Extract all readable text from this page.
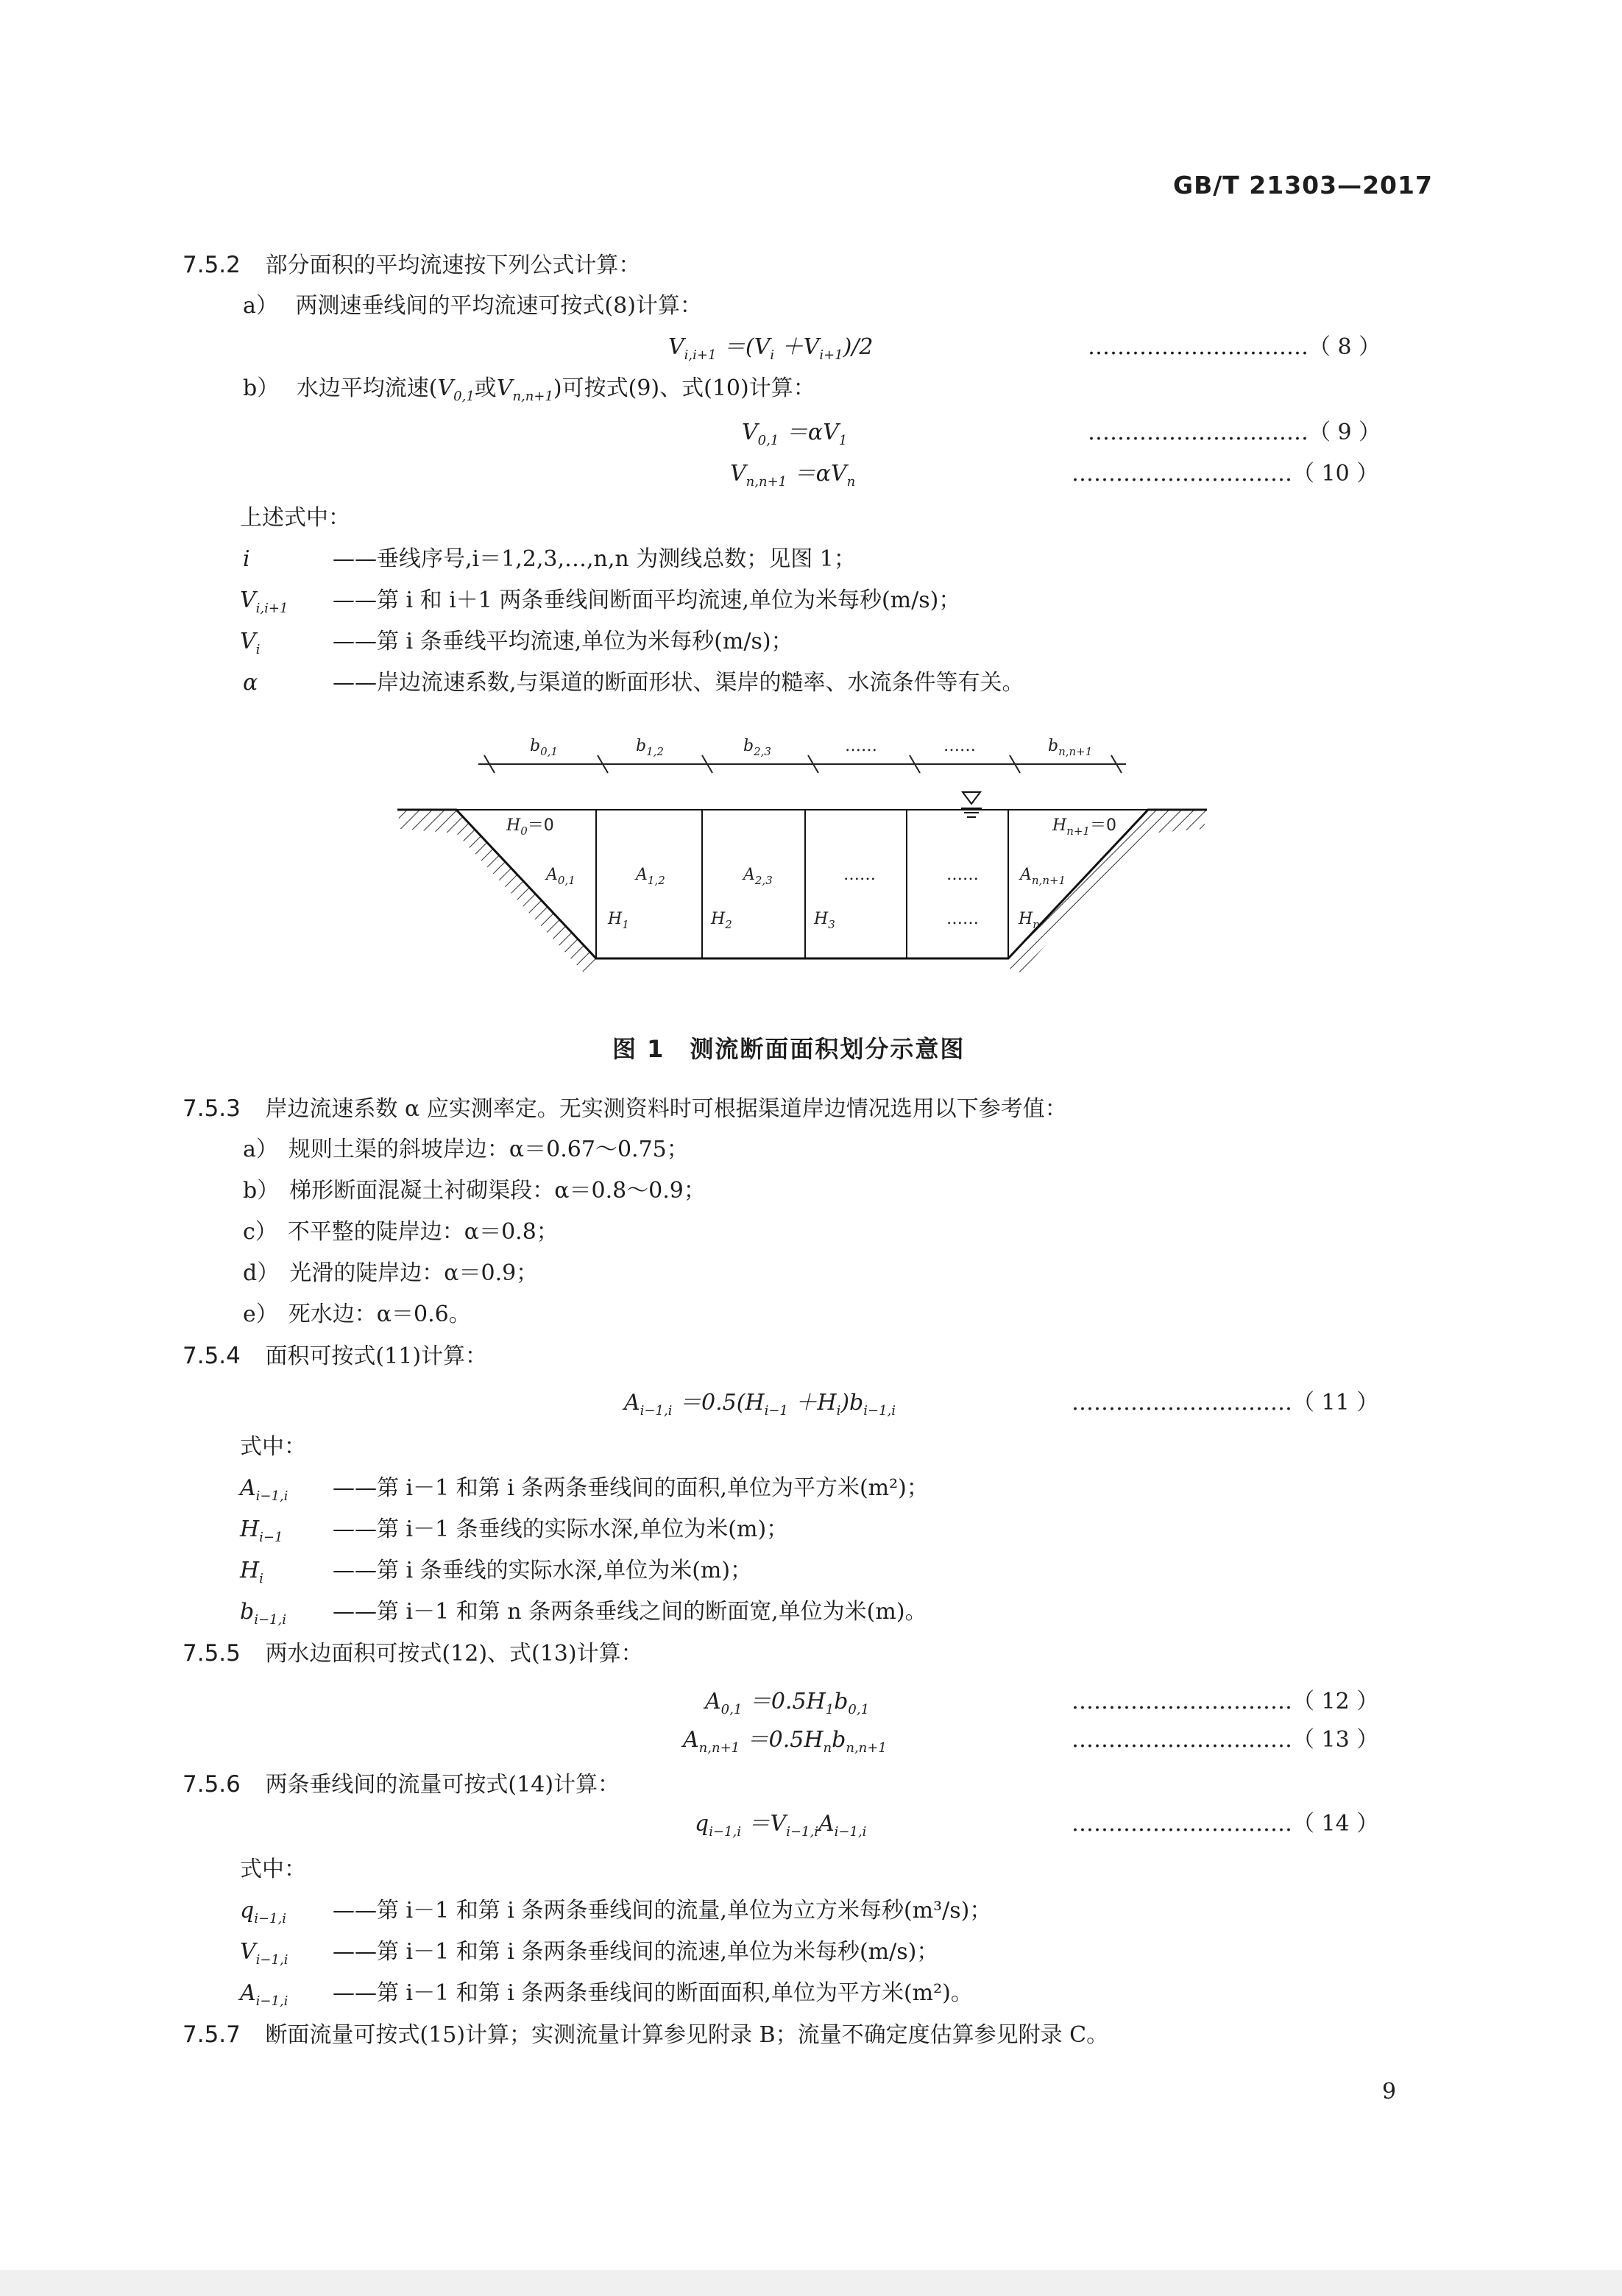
GB/T 21303—2017
7.5.2 部分面积的平均流速按下列公式计算：
a） 两测速垂线间的平均流速可按式(8)计算：
$V_{i,i+1} =(V_i +V_{i+1})/2$	…………………………（ 8 ）
b） 水边平均流速($V_{0,1}$或$V_{n,n+1}$)可按式(9)、式(10)计算：
$V_{0,1} =\alpha V_1$	…………………………（ 9 ）
$V_{n,n+1} =\alpha V_n$	…………………………（ 10 ）
上述式中：
i	——垂线序号,i＝1,2,3,…,n,n 为测线总数；见图 1；
$V_{i,i+1}$ ——第 i 和 i＋1 两条垂线间断面平均流速,单位为米每秒(m/s)；
$V_i$	——第 i 条垂线平均流速,单位为米每秒(m/s)；
α	——岸边流速系数,与渠道的断面形状、渠岸的糙率、水流条件等有关。
$b_{0,1}$	$b_{1,2}$	$b_{2,3}$	……	……	$b_{n,n+1}$
$H_0=0$	$H_{n+1}=0$
$A_{0,1}$	$A_{1,2}$	$A_{2,3}$	……	……	$A_{n,n+1}$
$H_1$	$H_2$	$H_3$	…… $H_n$
图 1　测流断面面积划分示意图
7.5.3 岸边流速系数 α 应实测率定。无实测资料时可根据渠道岸边情况选用以下参考值：
a） 规则土渠的斜坡岸边：α＝0.67～0.75；
b） 梯形断面混凝土衬砌渠段：α＝0.8～0.9；
c） 不平整的陡岸边：α＝0.8；
d） 光滑的陡岸边：α＝0.9；
e） 死水边：α＝0.6。
7.5.4 面积可按式(11)计算：
$A_{i-1,i} =0.5(H_{i-1} +H_i)b_{i-1,i}$	…………………………（ 11 ）
式中：
$A_{i-1,i}$ ——第 i－1 和第 i 条两条垂线间的面积,单位为平方米(m²)；
$H_{i-1}$ ——第 i－1 条垂线的实际水深,单位为米(m)；
$H_i$	——第 i 条垂线的实际水深,单位为米(m)；
$b_{i-1,i}$ ——第 i－1 和第 n 条两条垂线之间的断面宽,单位为米(m)。
7.5.5 两水边面积可按式(12)、式(13)计算：
$A_{0,1} =0.5H_1b_{0,1}$	…………………………（ 12 ）
$A_{n,n+1} =0.5H_nb_{n,n+1}$	…………………………（ 13 ）
7.5.6 两条垂线间的流量可按式(14)计算：
$q_{i-1,i} =V_{i-1,i}A_{i-1,i}$	…………………………（ 14 ）
式中：
$q_{i-1,i}$ ——第 i－1 和第 i 条两条垂线间的流量,单位为立方米每秒(m³/s)；
$V_{i-1,i}$ ——第 i－1 和第 i 条两条垂线间的流速,单位为米每秒(m/s)；
$A_{i-1,i}$ ——第 i－1 和第 i 条两条垂线间的断面面积,单位为平方米(m²)。
7.5.7 断面流量可按式(15)计算；实测流量计算参见附录 B；流量不确定度估算参见附录 C。
9
